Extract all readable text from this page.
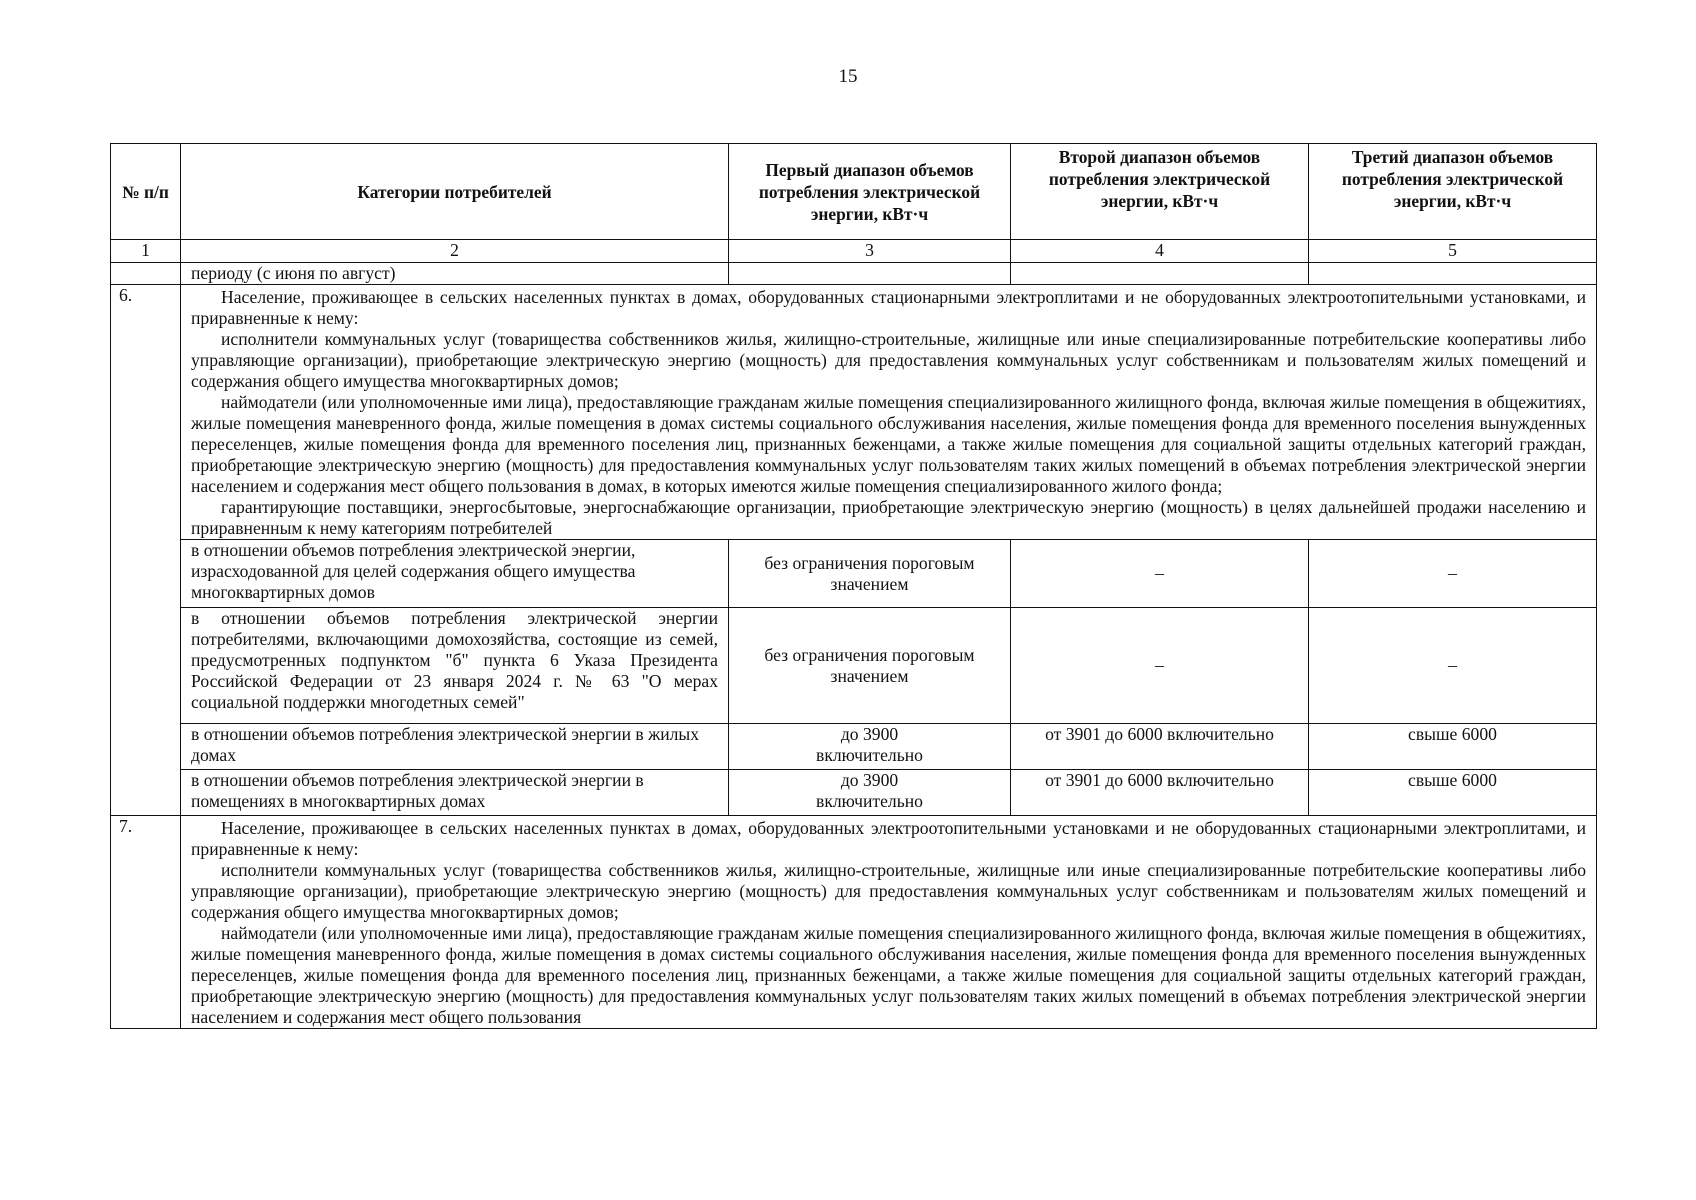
15
№ п/п	Категории потребителей	Первый диапазон объемов потребления электрической энергии, кВт·ч	Второй диапазон объемов потребления электрической энергии, кВт·ч	Третий диапазон объемов потребления электрической энергии, кВт·ч
1	2	3	4	5
	периоду (с июня по август)			
6.	Население, проживающее в сельских населенных пунктах в домах, оборудованных стационарными электроплитами и не оборудованных электроотопительными установками, и приравненные к нему:

исполнители коммунальных услуг (товарищества собственников жилья, жилищно-строительные, жилищные или иные специализированные потребительские кооперативы либо управляющие организации), приобретающие электрическую энергию (мощность) для предоставления коммунальных услуг собственникам и пользователям жилых помещений и содержания общего имущества многоквартирных домов;

наймодатели (или уполномоченные ими лица), предоставляющие гражданам жилые помещения специализированного жилищного фонда, включая жилые помещения в общежитиях, жилые помещения маневренного фонда, жилые помещения в домах системы социального обслуживания населения, жилые помещения фонда для временного поселения вынужденных переселенцев, жилые помещения фонда для временного поселения лиц, признанных беженцами, а также жилые помещения для социальной защиты отдельных категорий граждан, приобретающие электрическую энергию (мощность) для предоставления коммунальных услуг пользователям таких жилых помещений в объемах потребления электрической энергии населением и содержания мест общего пользования в домах, в которых имеются жилые помещения специализированного жилого фонда;

гарантирующие поставщики, энергосбытовые, энергоснабжающие организации, приобретающие электрическую энергию (мощность) в целях дальнейшей продажи населению и приравненным к нему категориям потребителей			

	в отношении объемов потребления электрической энергии, израсходованной для целей содержания общего имущества многоквартирных домов	без ограничения пороговым значением	–	–
	в отношении объемов потребления электрической энергии потребителями, включающими домохозяйства, состоящие из семей, предусмотренных подпунктом "б" пункта 6 Указа Президента Российской Федерации от 23 января 2024 г. № 63 "О мерах социальной поддержки многодетных семей"	без ограничения пороговым значением	–	–
	в отношении объемов потребления электрической энергии в жилых домах	до 3900 включительно	от 3901 до 6000 включительно	свыше 6000
	в отношении объемов потребления электрической энергии в помещениях в многоквартирных домах	до 3900 включительно	от 3901 до 6000 включительно	свыше 6000
7.	Население, проживающее в сельских населенных пунктах в домах, оборудованных электроотопительными установками и не оборудованных стационарными электроплитами, и приравненные к нему:

исполнители коммунальных услуг (товарищества собственников жилья, жилищно-строительные, жилищные или иные специализированные потребительские кооперативы либо управляющие организации), приобретающие электрическую энергию (мощность) для предоставления коммунальных услуг собственникам и пользователям жилых помещений и содержания общего имущества многоквартирных домов;

наймодатели (или уполномоченные ими лица), предоставляющие гражданам жилые помещения специализированного жилищного фонда, включая жилые помещения в общежитиях, жилые помещения маневренного фонда, жилые помещения в домах системы социального обслуживания населения, жилые помещения фонда для временного поселения вынужденных переселенцев, жилые помещения фонда для временного поселения лиц, признанных беженцами, а также жилые помещения для социальной защиты отдельных категорий граждан, приобретающие электрическую энергию (мощность) для предоставления коммунальных услуг пользователям таких жилых помещений в объемах потребления электрической энергии населением и содержания мест общего пользования			
